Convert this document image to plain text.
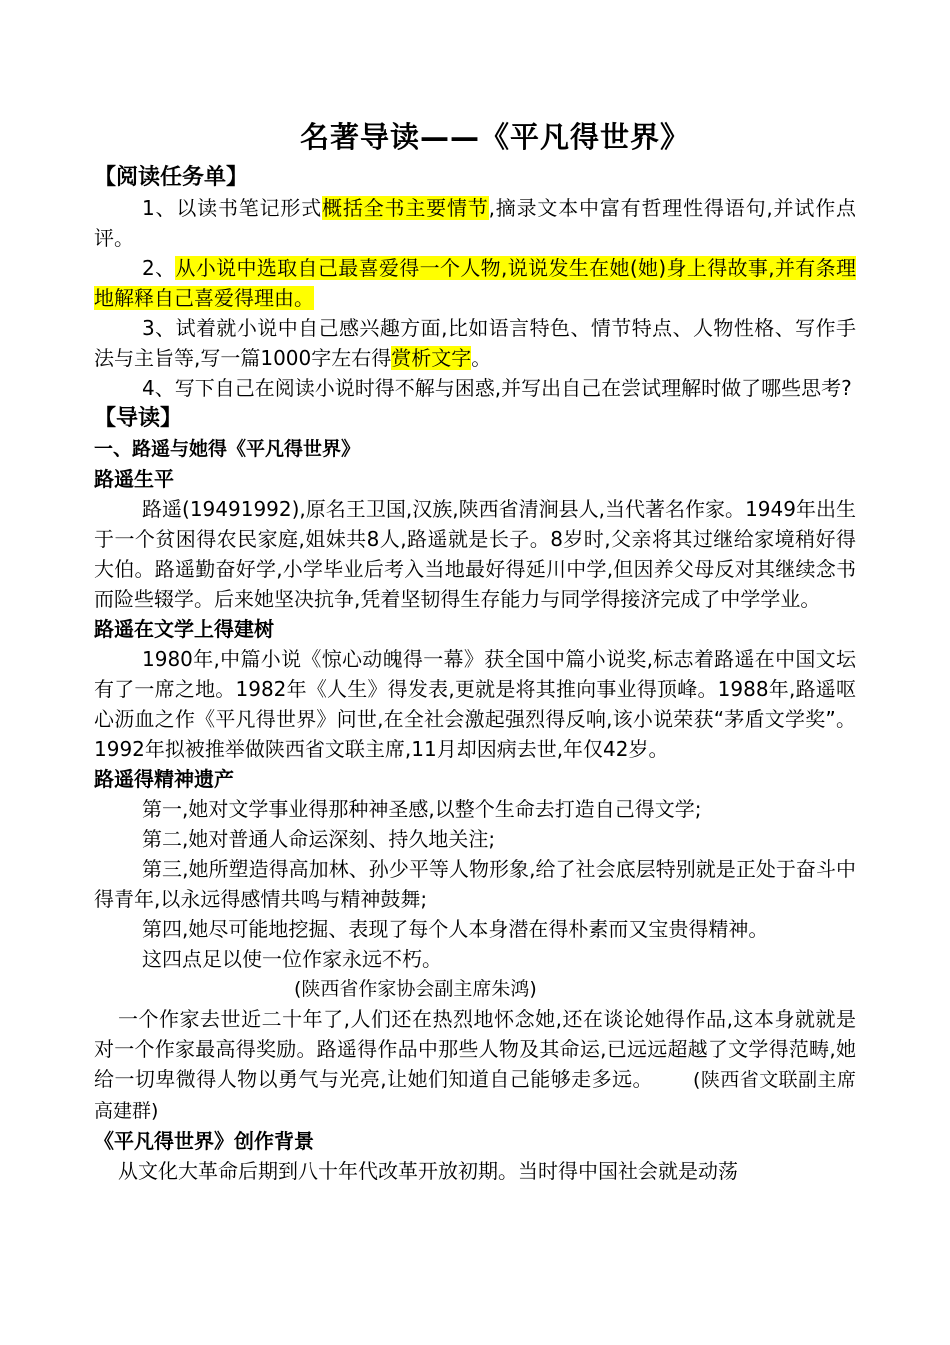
名著导读——《平凡得世界》
【阅读任务单】
1、以读书笔记形式概括全书主要情节,摘录文本中富有哲理性得语句,并试作点评。
2、从小说中选取自己最喜爱得一个人物,说说发生在她(她)身上得故事,并有条理地解释自己喜爱得理由。
3、试着就小说中自己感兴趣方面,比如语言特色、情节特点、人物性格、写作手法与主旨等,写一篇1000字左右得赏析文字。
4、写下自己在阅读小说时得不解与困惑,并写出自己在尝试理解时做了哪些思考?
【导读】
一、路遥与她得《平凡得世界》
路遥生平
路遥(19491992),原名王卫国,汉族,陕西省清涧县人,当代著名作家。1949年出生于一个贫困得农民家庭,姐妹共8人,路遥就是长子。8岁时,父亲将其过继给家境稍好得大伯。路遥勤奋好学,小学毕业后考入当地最好得延川中学,但因养父母反对其继续念书而险些辍学。后来她坚决抗争,凭着坚韧得生存能力与同学得接济完成了中学学业。
路遥在文学上得建树
1980年,中篇小说《惊心动魄得一幕》获全国中篇小说奖,标志着路遥在中国文坛有了一席之地。1982年《人生》得发表,更就是将其推向事业得顶峰。1988年,路遥呕心沥血之作《平凡得世界》问世,在全社会激起强烈得反响,该小说荣获“茅盾文学奖”。1992年拟被推举做陕西省文联主席,11月却因病去世,年仅42岁。
路遥得精神遗产
第一,她对文学事业得那种神圣感,以整个生命去打造自己得文学;
第二,她对普通人命运深刻、持久地关注;
第三,她所塑造得高加林、孙少平等人物形象,给了社会底层特别就是正处于奋斗中得青年,以永远得感情共鸣与精神鼓舞;
第四,她尽可能地挖掘、表现了每个人本身潜在得朴素而又宝贵得精神。
这四点足以使一位作家永远不朽。
(陕西省作家协会副主席朱鸿)
一个作家去世近二十年了,人们还在热烈地怀念她,还在谈论她得作品,这本身就就是对一个作家最高得奖励。路遥得作品中那些人物及其命运,已远远超越了文学得范畴,她给一切卑微得人物以勇气与光亮,让她们知道自己能够走多远。 (陕西省文联副主席高建群)
《平凡得世界》创作背景
从文化大革命后期到八十年代改革开放初期。当时得中国社会就是动荡
